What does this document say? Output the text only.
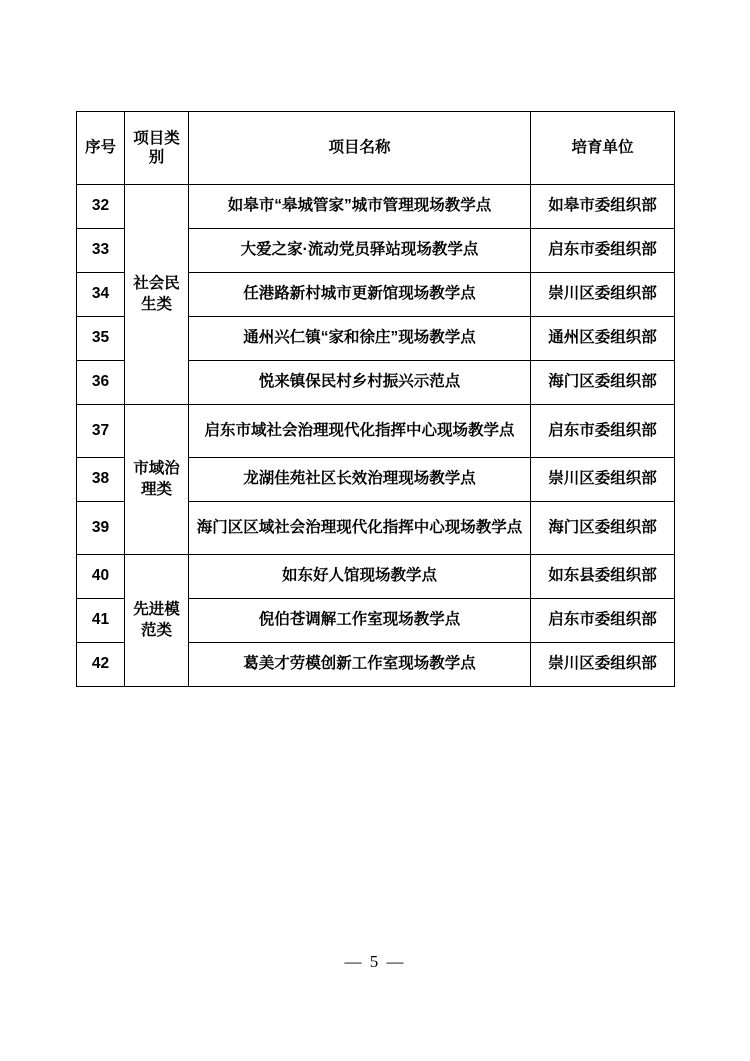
序号	项目类别	项目名称	培育单位

32	社会民生类	如皋市“皋城管家”城市管理现场教学点	如皋市委组织部
33		大爱之家·流动党员驿站现场教学点	启东市委组织部
34		任港路新村城市更新馆现场教学点	崇川区委组织部
35		通州兴仁镇“家和徐庄”现场教学点	通州区委组织部
36		悦来镇保民村乡村振兴示范点	海门区委组织部
37	市域治理类	启东市域社会治理现代化指挥中心现场教学点	启东市委组织部
38		龙湖佳苑社区长效治理现场教学点	崇川区委组织部
39		海门区区域社会治理现代化指挥中心现场教学点	海门区委组织部
40	先进模范类	如东好人馆现场教学点	如东县委组织部
41		倪伯苍调解工作室现场教学点	启东市委组织部
42		葛美才劳模创新工作室现场教学点	崇川区委组织部
— 5 —
